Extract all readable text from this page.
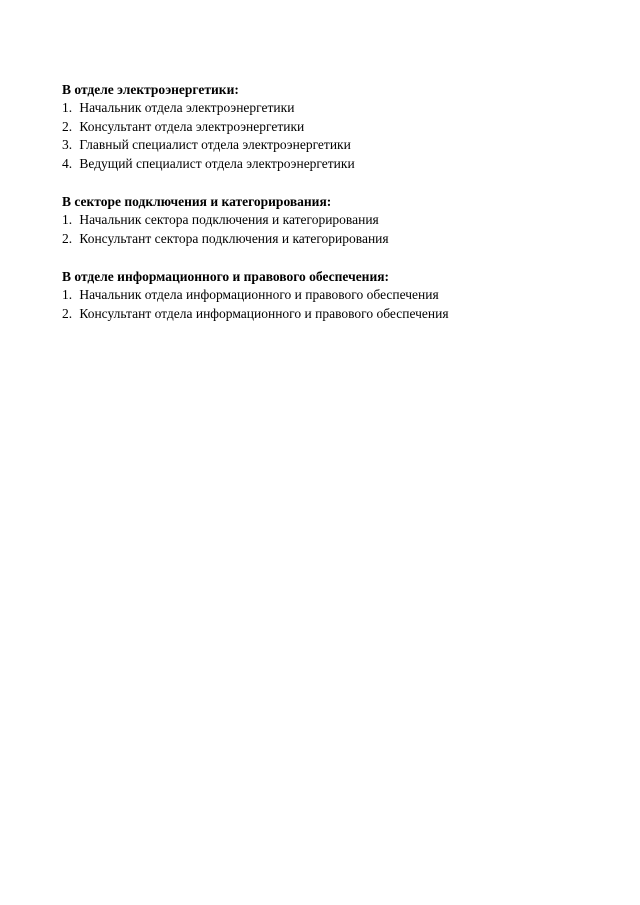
В отделе электроэнергетики:
1. Начальник отдела электроэнергетики
2. Консультант отдела электроэнергетики
3. Главный специалист отдела электроэнергетики
4. Ведущий специалист отдела электроэнергетики
В секторе подключения и категорирования:
1. Начальник сектора подключения и категорирования
2. Консультант сектора подключения и категорирования
В отделе информационного и правового обеспечения:
1. Начальник отдела информационного и правового обеспечения
2. Консультант отдела информационного и правового обеспечения
